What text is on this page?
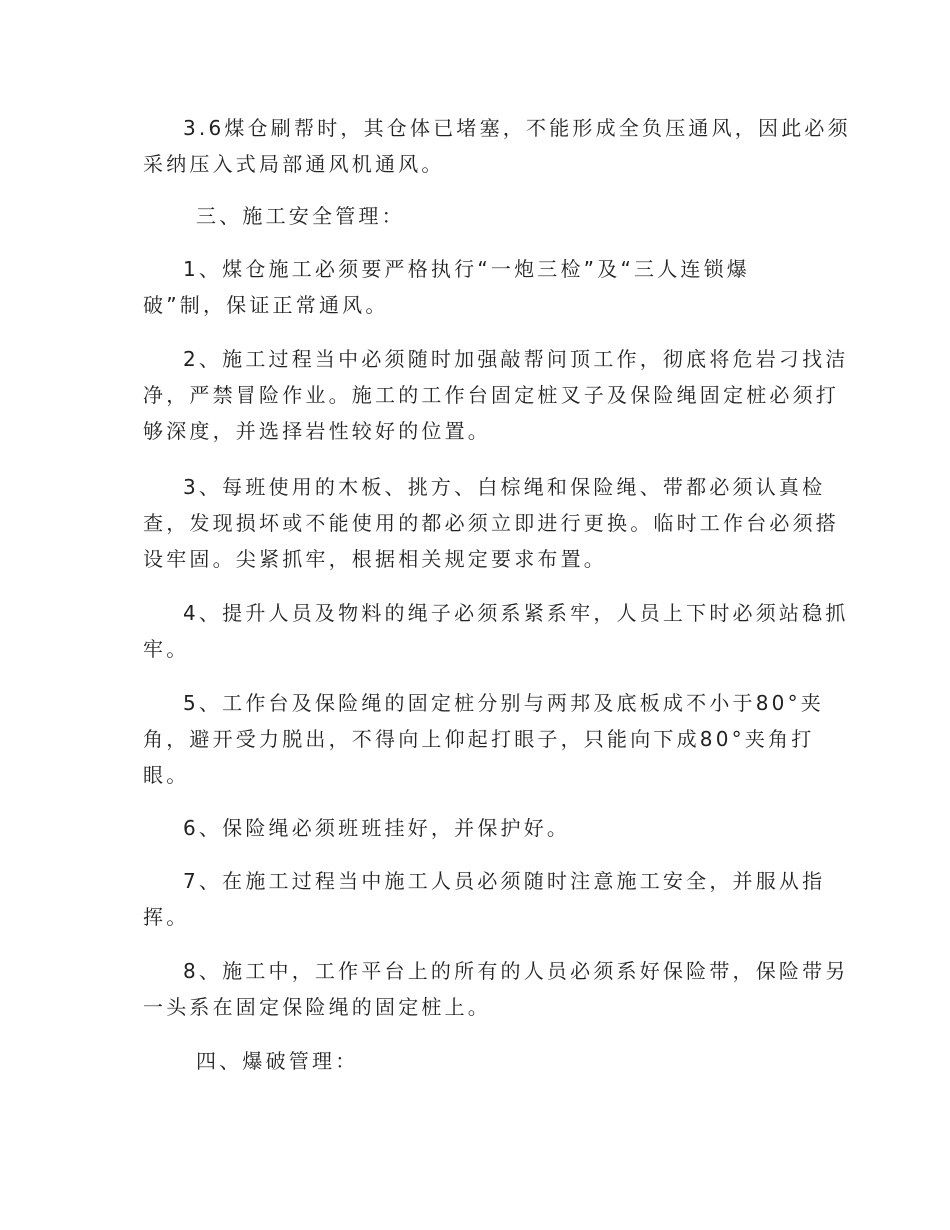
3.6煤仓刷帮时，其仓体已堵塞，不能形成全负压通风，因此必须

采纳压入式局部通风机通风。

三、施工安全管理：

1、煤仓施工必须要严格执行“一炮三检”及“三人连锁爆

破”制，保证正常通风。

2、施工过程当中必须随时加强敲帮问顶工作，彻底将危岩刁找洁

净，严禁冒险作业。施工的工作台固定桩叉子及保险绳固定桩必须打

够深度，并选择岩性较好的位置。

3、每班使用的木板、挑方、白棕绳和保险绳、带都必须认真检

查，发现损坏或不能使用的都必须立即进行更换。临时工作台必须搭

设牢固。尖紧抓牢，根据相关规定要求布置。

4、提升人员及物料的绳子必须系紧系牢，人员上下时必须站稳抓

牢。

5、工作台及保险绳的固定桩分别与两邦及底板成不小于80°夹

角，避开受力脱出，不得向上仰起打眼子，只能向下成80°夹角打

眼。

6、保险绳必须班班挂好，并保护好。

7、在施工过程当中施工人员必须随时注意施工安全，并服从指

挥。

8、施工中，工作平台上的所有的人员必须系好保险带，保险带另

一头系在固定保险绳的固定桩上。

四、爆破管理：
